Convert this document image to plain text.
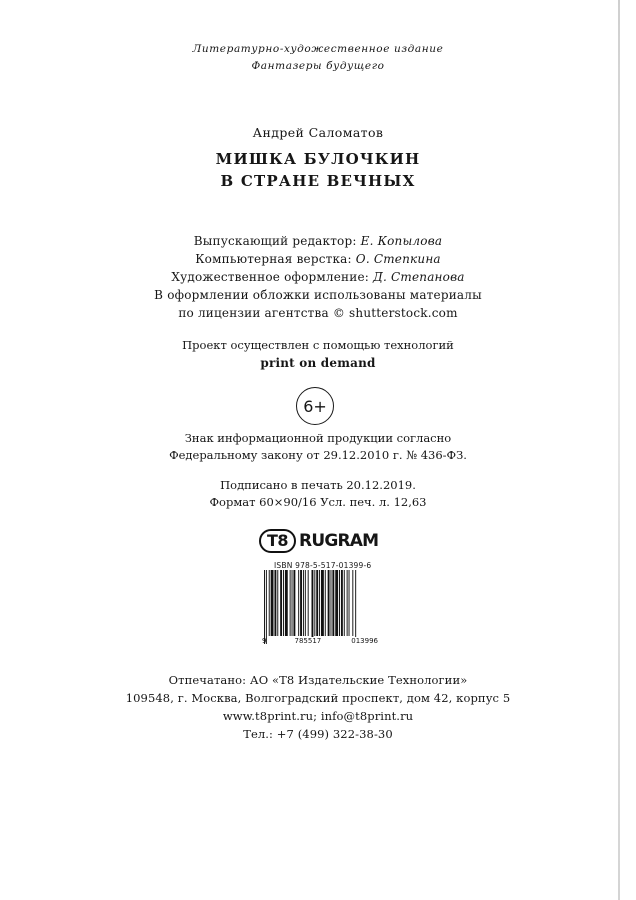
Литературно-художественное издание
Фантазеры будущего
Андрей Саломатов
МИШКА БУЛОЧКИН
В СТРАНЕ ВЕЧНЫХ
Выпускающий редактор: Е. Копылова
Компьютерная верстка: О. Степкина
Художественное оформление: Д. Степанова
В оформлении обложки использованы материалы
по лицензии агентства © shutterstock.com
Проект осуществлен с помощью технологий
print on demand
6+
Знак информационной продукции согласно
Федеральному закону от 29.12.2010 г. № 436-ФЗ.
Подписано в печать 20.12.2019.
Формат 60×90/16 Усл. печ. л. 12,63
T8 RUGRAM
ISBN 978-5-517-01399-6
9	785517	013996
Отпечатано: АО «Т8 Издательские Технологии»
109548, г. Москва, Волгоградский проспект, дом 42, корпус 5
www.t8print.ru; info@t8print.ru
Тел.: +7 (499) 322-38-30
